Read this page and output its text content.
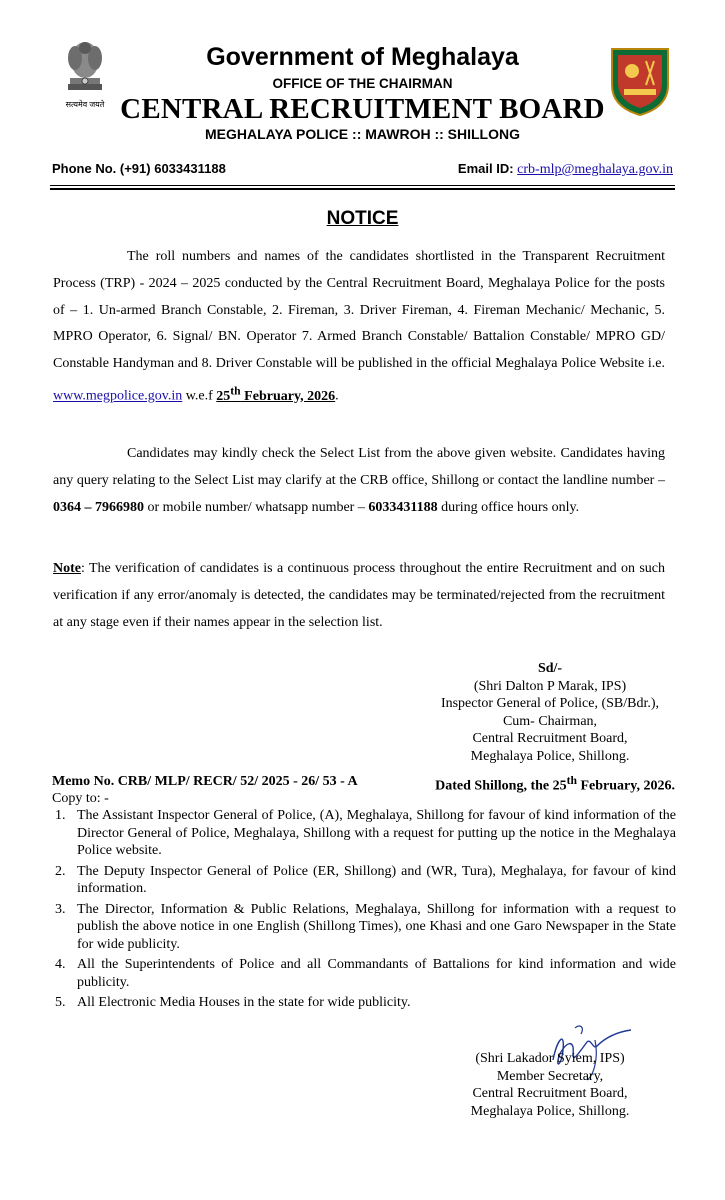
सत्यमेव जयते
Government of Meghalaya
OFFICE OF THE CHAIRMAN
CENTRAL RECRUITMENT BOARD
MEGHALAYA POLICE :: MAWROH :: SHILLONG
Phone No. (+91) 6033431188	Email ID: crb-mlp@meghalaya.gov.in
NOTICE
The roll numbers and names of the candidates shortlisted in the Transparent Recruitment Process (TRP) - 2024 – 2025 conducted by the Central Recruitment Board, Meghalaya Police for the posts of – 1. Un-armed Branch Constable, 2. Fireman, 3. Driver Fireman, 4. Fireman Mechanic/ Mechanic, 5. MPRO Operator, 6. Signal/ BN. Operator 7. Armed Branch Constable/ Battalion Constable/ MPRO GD/ Constable Handyman and 8. Driver Constable will be published in the official Meghalaya Police Website i.e. www.megpolice.gov.in w.e.f 25th February, 2026.
Candidates may kindly check the Select List from the above given website. Candidates having any query relating to the Select List may clarify at the CRB office, Shillong or contact the landline number – 0364 – 7966980 or mobile number/ whatsapp number – 6033431188 during office hours only.
Note: The verification of candidates is a continuous process throughout the entire Recruitment and on such verification if any error/anomaly is detected, the candidates may be terminated/rejected from the recruitment at any stage even if their names appear in the selection list.
Sd/-
(Shri Dalton P Marak, IPS)
Inspector General of Police, (SB/Bdr.),
Cum- Chairman,
Central Recruitment Board,
Meghalaya Police, Shillong.
Memo No. CRB/ MLP/ RECR/ 52/ 2025 - 26/ 53 - A	Dated Shillong, the 25th February, 2026.
Copy to: -
1. The Assistant Inspector General of Police, (A), Meghalaya, Shillong for favour of kind information of the Director General of Police, Meghalaya, Shillong with a request for putting up the notice in the Meghalaya Police website.
2. The Deputy Inspector General of Police (ER, Shillong) and (WR, Tura), Meghalaya, for favour of kind information.
3. The Director, Information & Public Relations, Meghalaya, Shillong for information with a request to publish the above notice in one English (Shillong Times), one Khasi and one Garo Newspaper in the State for wide publicity.
4. All the Superintendents of Police and all Commandants of Battalions for kind information and wide publicity.
5. All Electronic Media Houses in the state for wide publicity.
(Shri Lakador Syiem, IPS)
Member Secretary,
Central Recruitment Board,
Meghalaya Police, Shillong.
